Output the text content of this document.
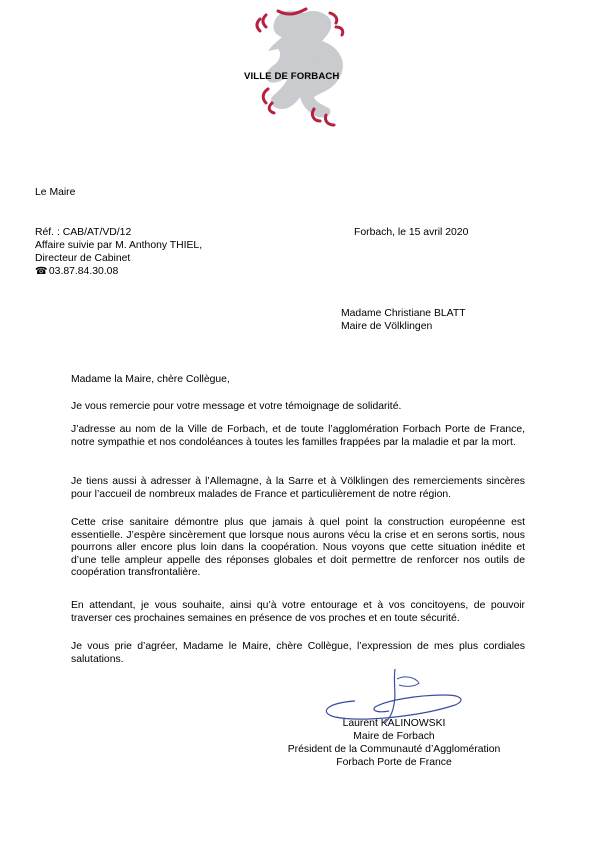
VILLE DE FORBACH
Le Maire
Réf. : CAB/AT/VD/12
Affaire suivie par M. Anthony THIEL,
Directeur de Cabinet
☎ 03.87.84.30.08
Forbach, le 15 avril 2020
Madame Christiane BLATT
Maire de Völklingen
Madame la Maire, chère Collègue,
Je vous remercie pour votre message et votre témoignage de solidarité.
J’adresse au nom de la Ville de Forbach, et de toute l’agglomération Forbach Porte de France, notre sympathie et nos condoléances à toutes les familles frappées par la maladie et par la mort.
Je tiens aussi à adresser à l’Allemagne, à la Sarre et à Völklingen des remerciements sincères pour l’accueil de nombreux malades de France et particulièrement de notre région.
Cette crise sanitaire démontre plus que jamais à quel point la construction européenne est essentielle. J’espère sincèrement que lorsque nous aurons vécu la crise et en serons sortis, nous pourrons aller encore plus loin dans la coopération. Nous voyons que cette situation inédite et d’une telle ampleur appelle des réponses globales et doit permettre de renforcer nos outils de coopération transfrontalière.
En attendant, je vous souhaite, ainsi qu’à votre entourage et à vos concitoyens, de pouvoir traverser ces prochaines semaines en présence de vos proches et en toute sécurité.
Je vous prie d’agréer, Madame le Maire, chère Collègue, l’expression de mes plus cordiales salutations.
Laurent KALINOWSKI
Maire de Forbach
Président de la Communauté d’Agglomération
Forbach Porte de France
